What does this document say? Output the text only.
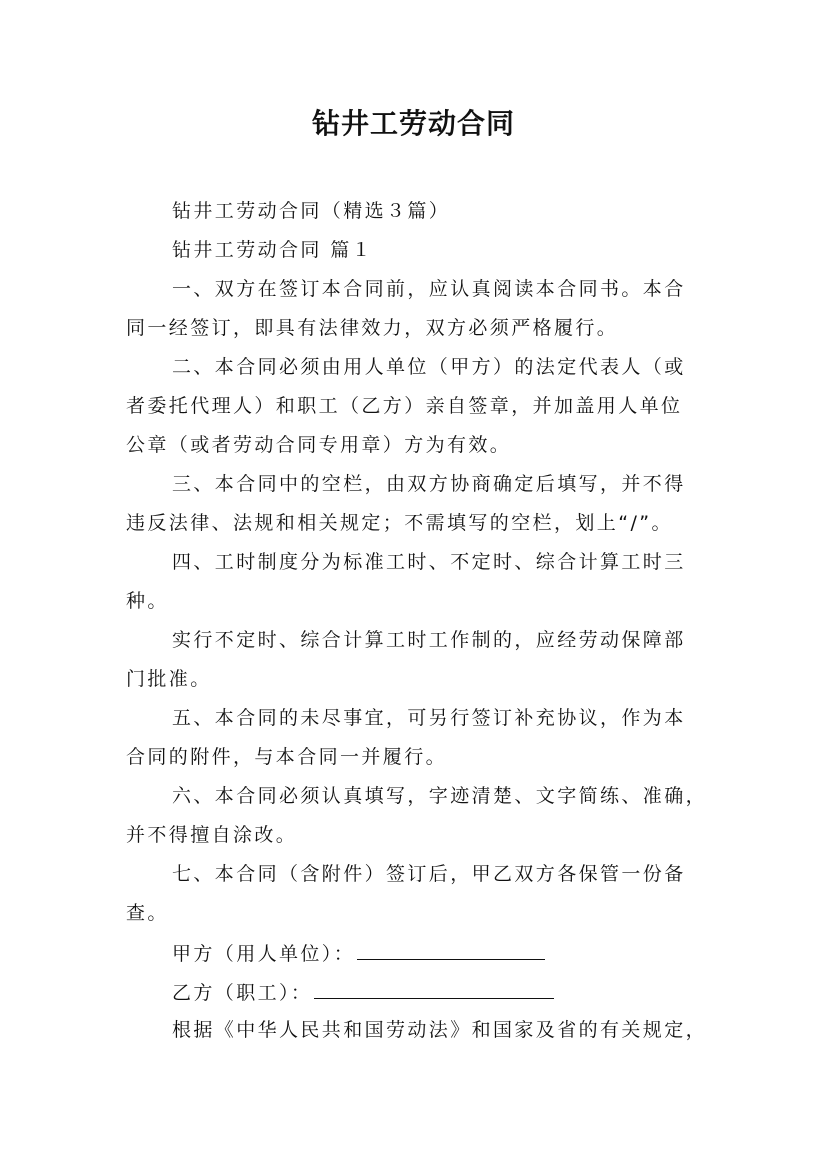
钻井工劳动合同
钻井工劳动合同（精选３篇）
钻井工劳动合同 篇１
一、双方在签订本合同前，应认真阅读本合同书。本合
同一经签订，即具有法律效力，双方必须严格履行。
二、本合同必须由用人单位（甲方）的法定代表人（或
者委托代理人）和职工（乙方）亲自签章，并加盖用人单位
公章（或者劳动合同专用章）方为有效。
三、本合同中的空栏，由双方协商确定后填写，并不得
违反法律、法规和相关规定；不需填写的空栏，划上“/”。
四、工时制度分为标准工时、不定时、综合计算工时三
种。
实行不定时、综合计算工时工作制的，应经劳动保障部
门批准。
五、本合同的未尽事宜，可另行签订补充协议，作为本
合同的附件，与本合同一并履行。
六、本合同必须认真填写，字迹清楚、文字简练、准确，
并不得擅自涂改。
七、本合同（含附件）签订后，甲乙双方各保管一份备
查。
甲方（用人单位）：
乙方（职工）：
根据《中华人民共和国劳动法》和国家及省的有关规定，
